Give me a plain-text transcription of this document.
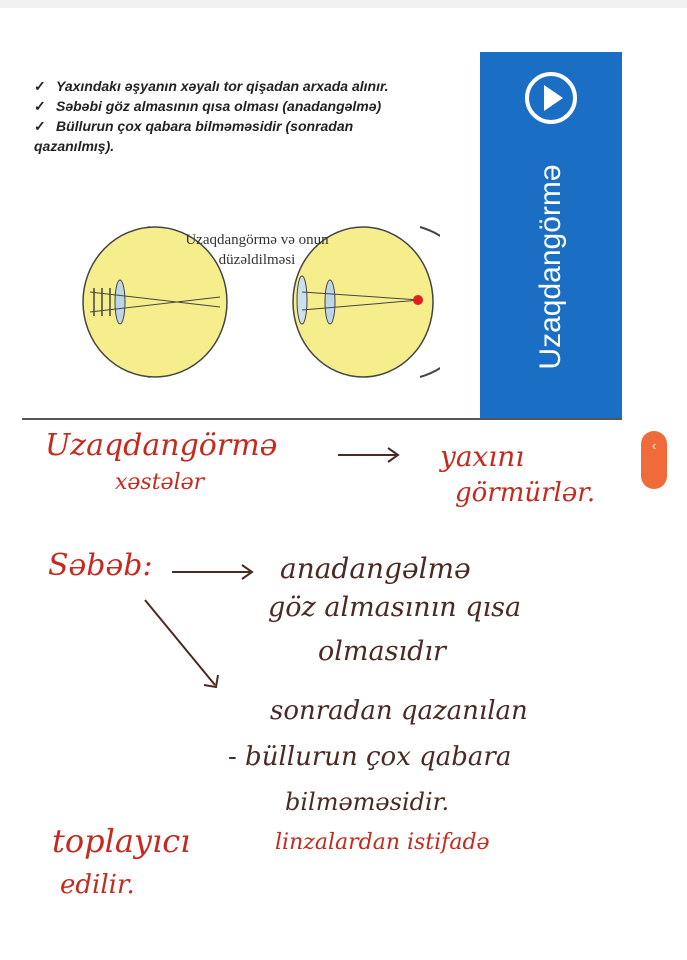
✓ Yaxındakı əşyanın xəyalı tor qişadan arxada alınır.
✓ Səbəbi göz almasının qısa olması (anadangəlmə)
✓ Büllurun çox qabara bilməməsidir (sonradan
qazanılmış).
Uzaqdangörmə və onun
düzəldilməsi	Uzaqdangörmə
‹
Uzaqdangörmə
xəstələr
yaxını
görmürlər.
Səbəb:	anadangəlmə
göz almasının qısa
olmasıdır
sonradan qazanılan
- büllurun çox qabara
bilməməsidir.
toplayıcı	linzalardan istifadə
edilir.
